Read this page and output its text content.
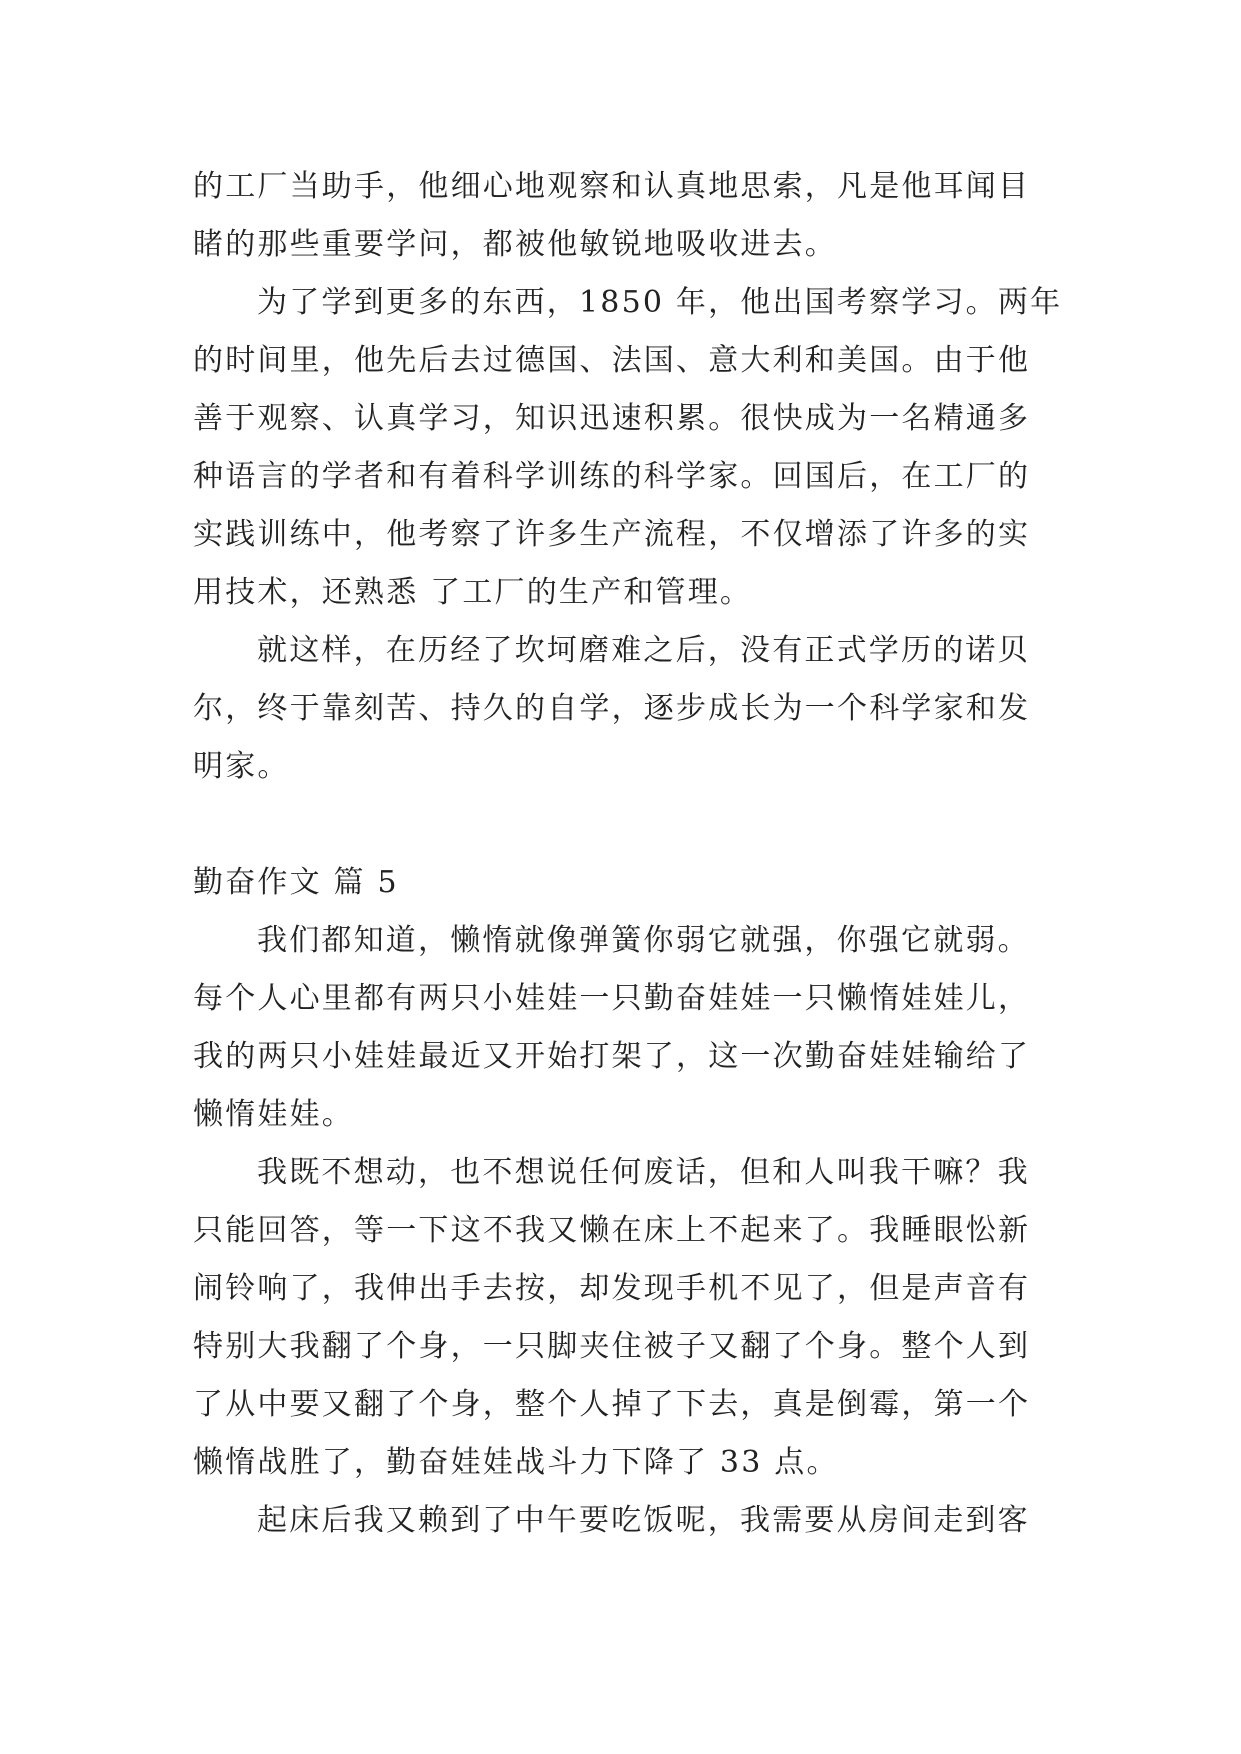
的工厂当助手，他细心地观察和认真地思索，凡是他耳闻目
睹的那些重要学问，都被他敏锐地吸收进去。
为了学到更多的东西，1850 年，他出国考察学习。两年
的时间里，他先后去过德国、法国、意大利和美国。由于他
善于观察、认真学习，知识迅速积累。很快成为一名精通多
种语言的学者和有着科学训练的科学家。回国后，在工厂的
实践训练中，他考察了许多生产流程，不仅增添了许多的实
用技术，还熟悉 了工厂的生产和管理。
就这样，在历经了坎坷磨难之后，没有正式学历的诺贝
尔，终于靠刻苦、持久的自学，逐步成长为一个科学家和发
明家。
勤奋作文 篇 5
我们都知道，懒惰就像弹簧你弱它就强，你强它就弱。
每个人心里都有两只小娃娃一只勤奋娃娃一只懒惰娃娃儿，
我的两只小娃娃最近又开始打架了，这一次勤奋娃娃输给了
懒惰娃娃。
我既不想动，也不想说任何废话，但和人叫我干嘛？我
只能回答，等一下这不我又懒在床上不起来了。我睡眼忪新
闹铃响了，我伸出手去按，却发现手机不见了，但是声音有
特别大我翻了个身，一只脚夹住被子又翻了个身。整个人到
了从中要又翻了个身，整个人掉了下去，真是倒霉，第一个
懒惰战胜了，勤奋娃娃战斗力下降了 33 点。
起床后我又赖到了中午要吃饭呢，我需要从房间走到客
